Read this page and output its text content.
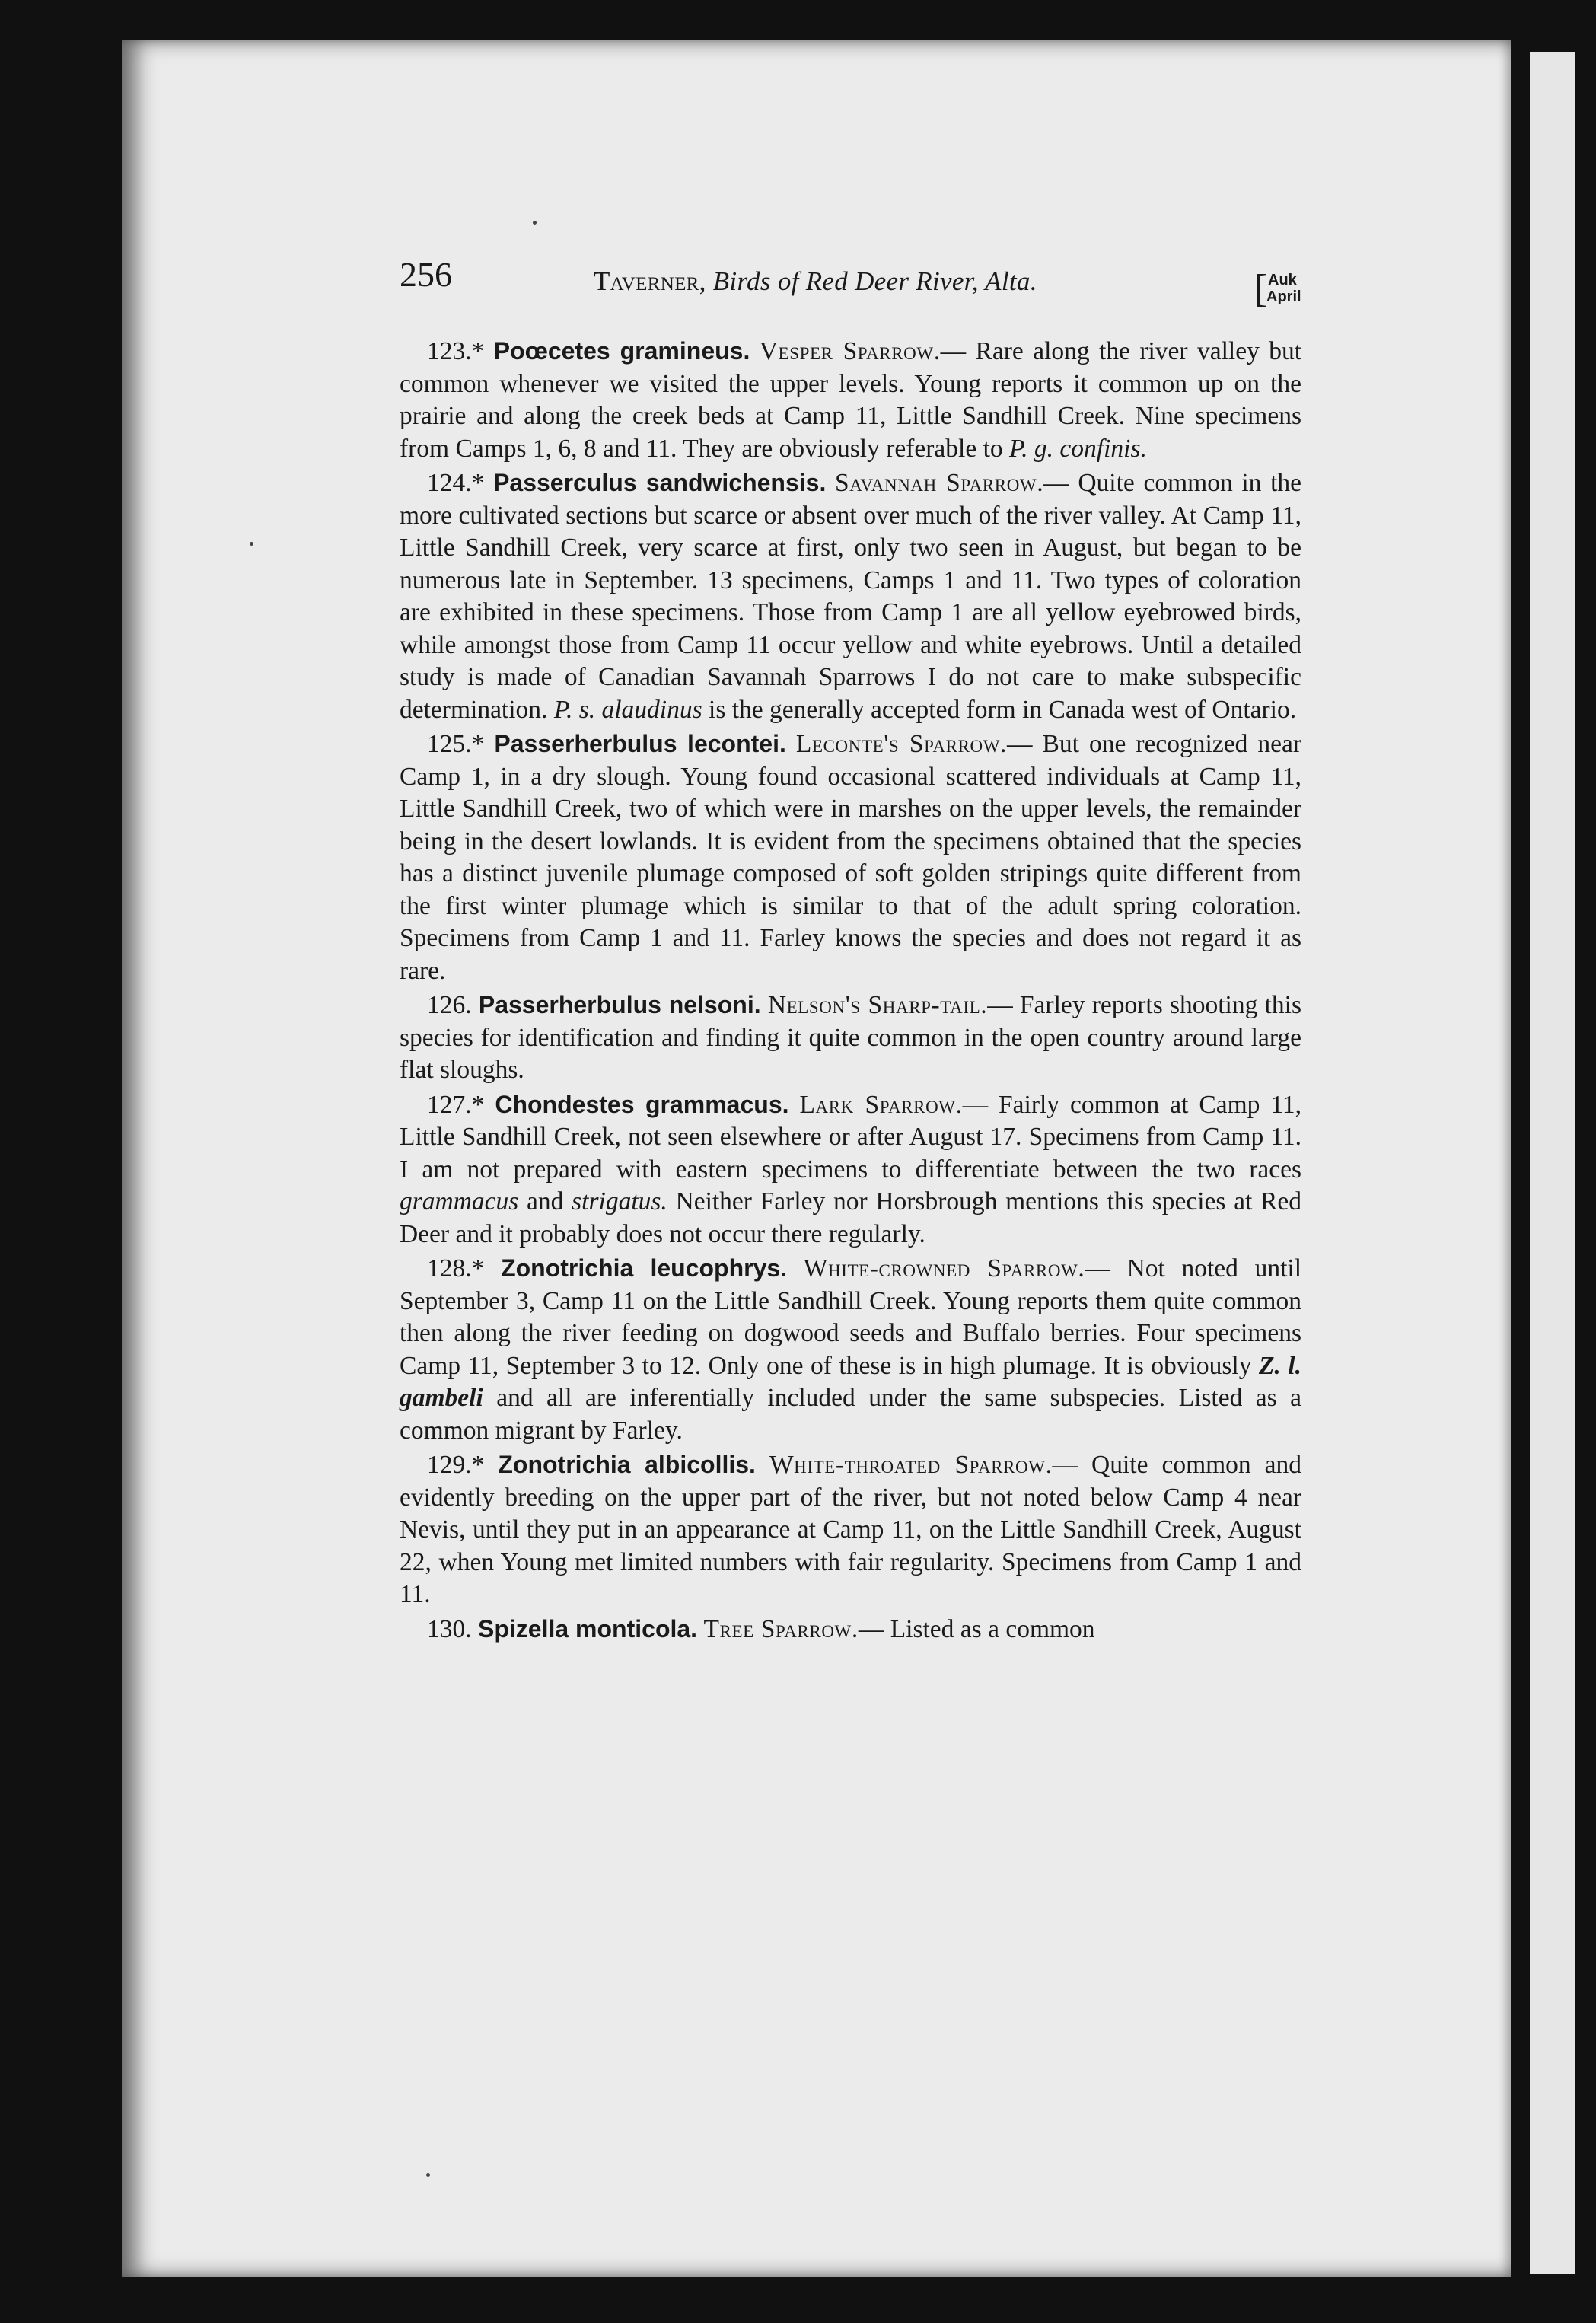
256	Taverner, Birds of Red Deer River, Alta.	[ Auk
April

123.* Poœcetes gramineus. Vesper Sparrow.— Rare along the river valley but common whenever we visited the upper levels. Young reports it common up on the prairie and along the creek beds at Camp 11, Little Sandhill Creek. Nine specimens from Camps 1, 6, 8 and 11. They are obviously referable to P. g. confinis.

124.* Passerculus sandwichensis. Savannah Sparrow.— Quite common in the more cultivated sections but scarce or absent over much of the river valley. At Camp 11, Little Sandhill Creek, very scarce at first, only two seen in August, but began to be numerous late in September. 13 specimens, Camps 1 and 11. Two types of coloration are exhibited in these specimens. Those from Camp 1 are all yellow eyebrowed birds, while amongst those from Camp 11 occur yellow and white eyebrows. Until a detailed study is made of Canadian Savannah Sparrows I do not care to make subspecific determination. P. s. alaudinus is the generally accepted form in Canada west of Ontario.

125.* Passerherbulus lecontei. Leconte's Sparrow.— But one recognized near Camp 1, in a dry slough. Young found occasional scattered individuals at Camp 11, Little Sandhill Creek, two of which were in marshes on the upper levels, the remainder being in the desert lowlands. It is evident from the specimens obtained that the species has a distinct juvenile plumage composed of soft golden stripings quite different from the first winter plumage which is similar to that of the adult spring coloration. Specimens from Camp 1 and 11. Farley knows the species and does not regard it as rare.

126. Passerherbulus nelsoni. Nelson's Sharp-tail.— Farley reports shooting this species for identification and finding it quite common in the open country around large flat sloughs.

127.* Chondestes grammacus. Lark Sparrow.— Fairly common at Camp 11, Little Sandhill Creek, not seen elsewhere or after August 17. Specimens from Camp 11. I am not prepared with eastern specimens to differentiate between the two races grammacus and strigatus. Neither Farley nor Horsbrough mentions this species at Red Deer and it probably does not occur there regularly.

128.* Zonotrichia leucophrys. White-crowned Sparrow.— Not noted until September 3, Camp 11 on the Little Sandhill Creek. Young reports them quite common then along the river feeding on dogwood seeds and Buffalo berries. Four specimens Camp 11, September 3 to 12. Only one of these is in high plumage. It is obviously Z. l. gambeli and all are inferentially included under the same subspecies. Listed as a common migrant by Farley.

129.* Zonotrichia albicollis. White-throated Sparrow.— Quite common and evidently breeding on the upper part of the river, but not noted below Camp 4 near Nevis, until they put in an appearance at Camp 11, on the Little Sandhill Creek, August 22, when Young met limited numbers with fair regularity. Specimens from Camp 1 and 11.

130. Spizella monticola. Tree Sparrow.— Listed as a common
